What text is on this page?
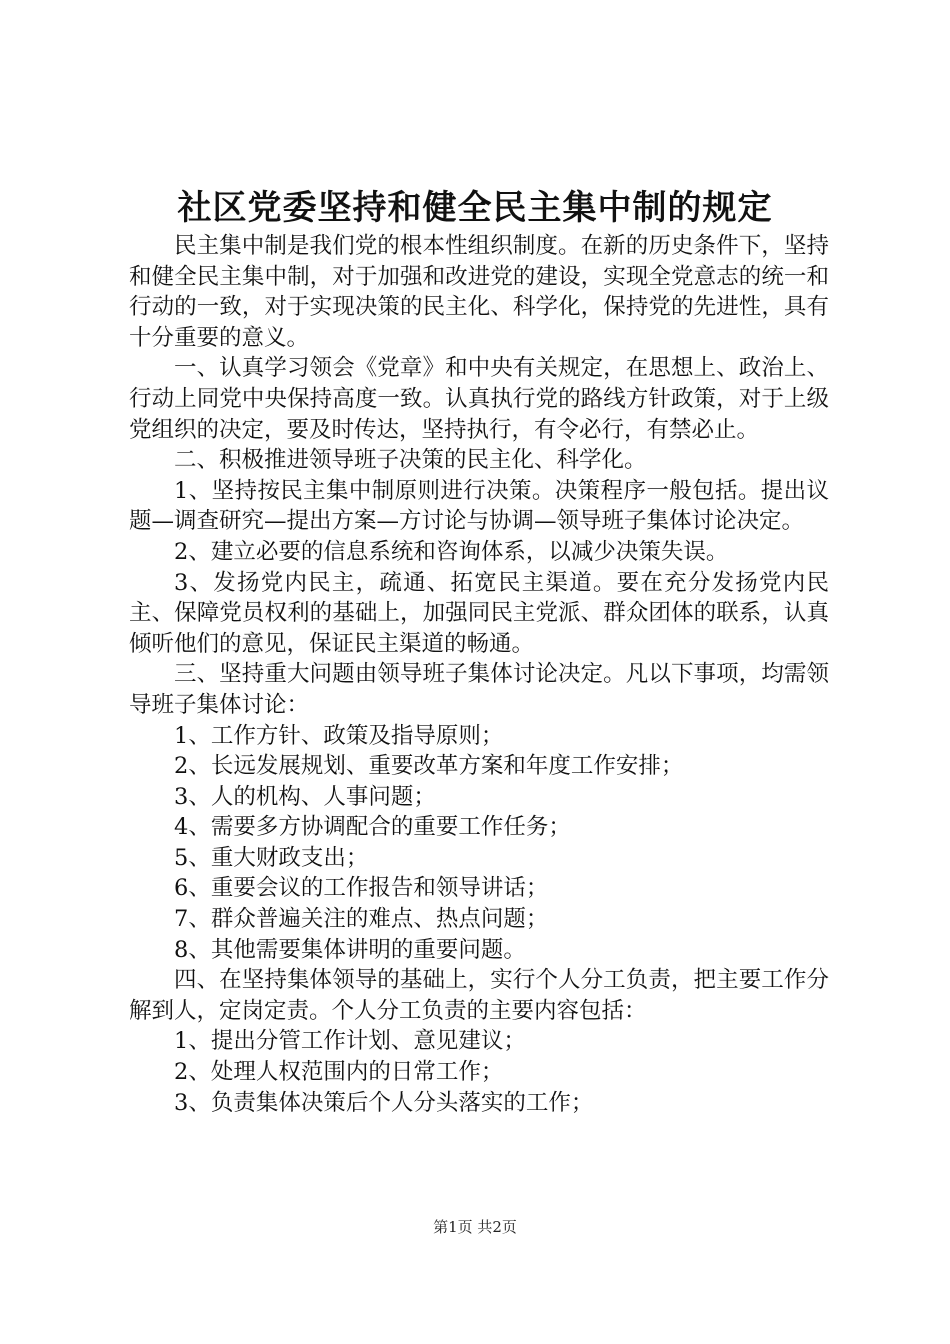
社区党委坚持和健全民主集中制的规定

民主集中制是我们党的根本性组织制度。在新的历史条件下，坚持和健全民主集中制，对于加强和改进党的建设，实现全党意志的统一和行动的一致，对于实现决策的民主化、科学化，保持党的先进性，具有十分重要的意义。

一、认真学习领会《党章》和中央有关规定，在思想上、政治上、行动上同党中央保持高度一致。认真执行党的路线方针政策，对于上级党组织的决定，要及时传达，坚持执行，有令必行，有禁必止。

二、积极推进领导班子决策的民主化、科学化。

1、坚持按民主集中制原则进行决策。决策程序一般包括。提出议题—调查研究—提出方案—方讨论与协调—领导班子集体讨论决定。

2、建立必要的信息系统和咨询体系，以减少决策失误。

3、发扬党内民主，疏通、拓宽民主渠道。要在充分发扬党内民主、保障党员权利的基础上，加强同民主党派、群众团体的联系，认真倾听他们的意见，保证民主渠道的畅通。

三、坚持重大问题由领导班子集体讨论决定。凡以下事项，均需领导班子集体讨论：

1、工作方针、政策及指导原则；

2、长远发展规划、重要改革方案和年度工作安排；

3、人的机构、人事问题；

4、需要多方协调配合的重要工作任务；

5、重大财政支出；

6、重要会议的工作报告和领导讲话；

7、群众普遍关注的难点、热点问题；

8、其他需要集体讲明的重要问题。

四、在坚持集体领导的基础上，实行个人分工负责，把主要工作分解到人，定岗定责。个人分工负责的主要内容包括：

1、提出分管工作计划、意见建议；

2、处理人权范围内的日常工作；

3、负责集体决策后个人分头落实的工作；

第1页 共2页
